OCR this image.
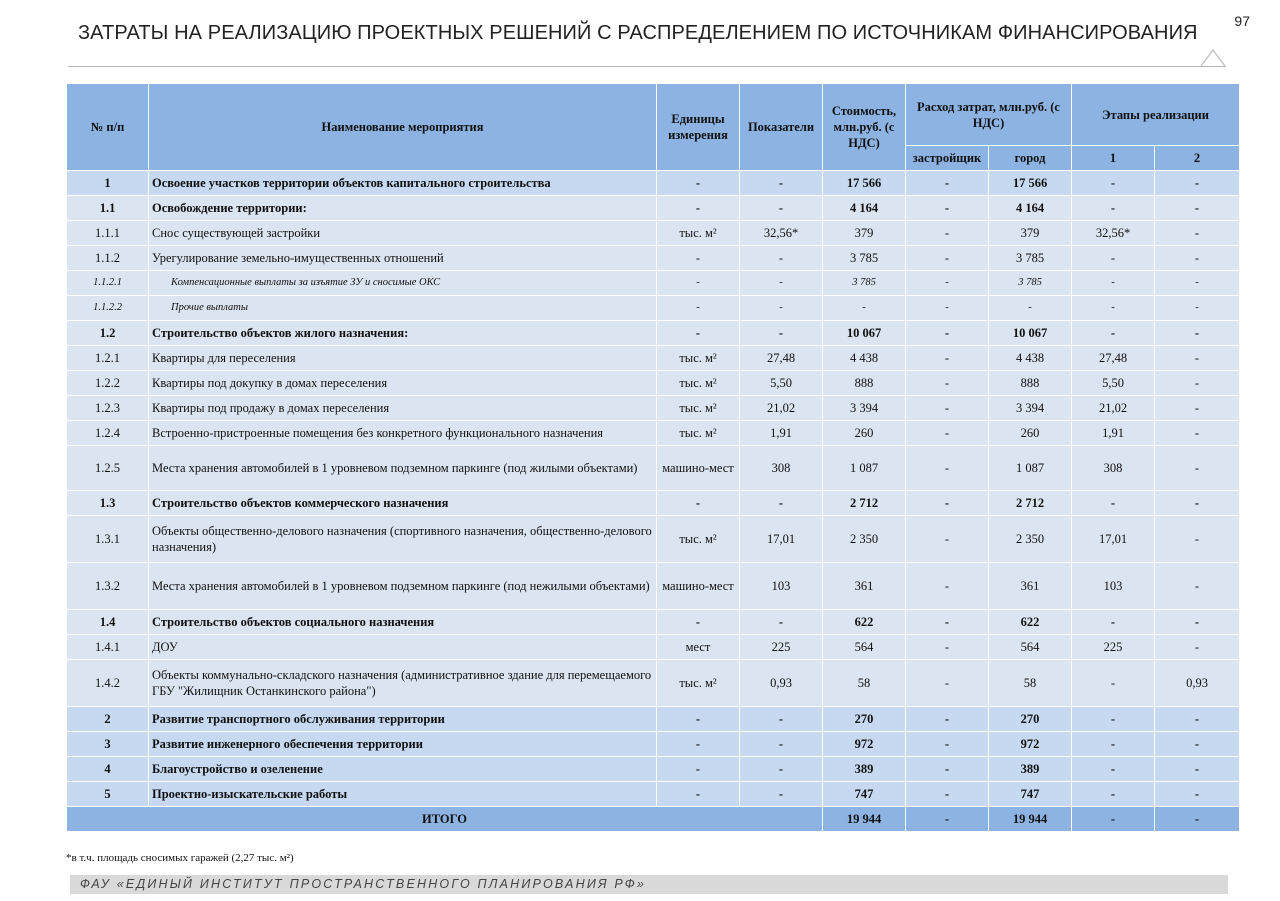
ЗАТРАТЫ НА РЕАЛИЗАЦИЮ ПРОЕКТНЫХ РЕШЕНИЙ С РАСПРЕДЕЛЕНИЕМ ПО ИСТОЧНИКАМ ФИНАНСИРОВАНИЯ
97
№ п/п	Наименование мероприятия	Единицы измерения	Показатели	Стоимость, млн.руб. (с НДС)	Расход затрат, млн.руб. (с НДС)		Этапы реализации	
					застройщик	город	1	2
1	Освоение участков территории объектов капитального строительства	-	-	17 566	-	17 566	-	-
1.1	Освобождение территории:	-	-	4 164	-	4 164	-	-
1.1.1	Снос существующей застройки	тыс. м²	32,56*	379	-	379	32,56*	-
1.1.2	Урегулирование земельно-имущественных отношений	-	-	3 785	-	3 785	-	-
1.1.2.1	Компенсационные выплаты за изъятие ЗУ и сносимые ОКС	-	-	3 785	-	3 785	-	-
1.1.2.2	Прочие выплаты	-	-	-	-	-	-	-
1.2	Строительство объектов жилого назначения:	-	-	10 067	-	10 067	-	-
1.2.1	Квартиры для переселения	тыс. м²	27,48	4 438	-	4 438	27,48	-
1.2.2	Квартиры под докупку в домах переселения	тыс. м²	5,50	888	-	888	5,50	-
1.2.3	Квартиры под продажу в домах переселения	тыс. м²	21,02	3 394	-	3 394	21,02	-
1.2.4	Встроенно-пристроенные помещения без конкретного функционального назначения	тыс. м²	1,91	260	-	260	1,91	-
1.2.5	Места хранения автомобилей в 1 уровневом подземном паркинге (под жилыми объектами)	машино-мест	308	1 087	-	1 087	308	-
1.3	Строительство объектов коммерческого назначения	-	-	2 712	-	2 712	-	-
1.3.1	Объекты общественно-делового назначения (спортивного назначения, общественно-делового назначения)	тыс. м²	17,01	2 350	-	2 350	17,01	-
1.3.2	Места хранения автомобилей в 1 уровневом подземном паркинге (под нежилыми объектами)	машино-мест	103	361	-	361	103	-
1.4	Строительство объектов социального назначения	-	-	622	-	622	-	-
1.4.1	ДОУ	мест	225	564	-	564	225	-
1.4.2	Объекты коммунально-складского назначения (административное здание для перемещаемого ГБУ "Жилищник Останкинского района")	тыс. м²	0,93	58	-	58	-	0,93
2	Развитие транспортного обслуживания территории	-	-	270	-	270	-	-
3	Развитие инженерного обеспечения территории	-	-	972	-	972	-	-
4	Благоустройство и озеленение	-	-	389	-	389	-	-
5	Проектно-изыскательские работы	-	-	747	-	747	-	-
ИТОГО				19 944	-	19 944	-	-
*в т.ч. площадь сносимых гаражей (2,27 тыс. м²)
ФАУ «ЕДИНЫЙ ИНСТИТУТ ПРОСТРАНСТВЕННОГО ПЛАНИРОВАНИЯ РФ»
